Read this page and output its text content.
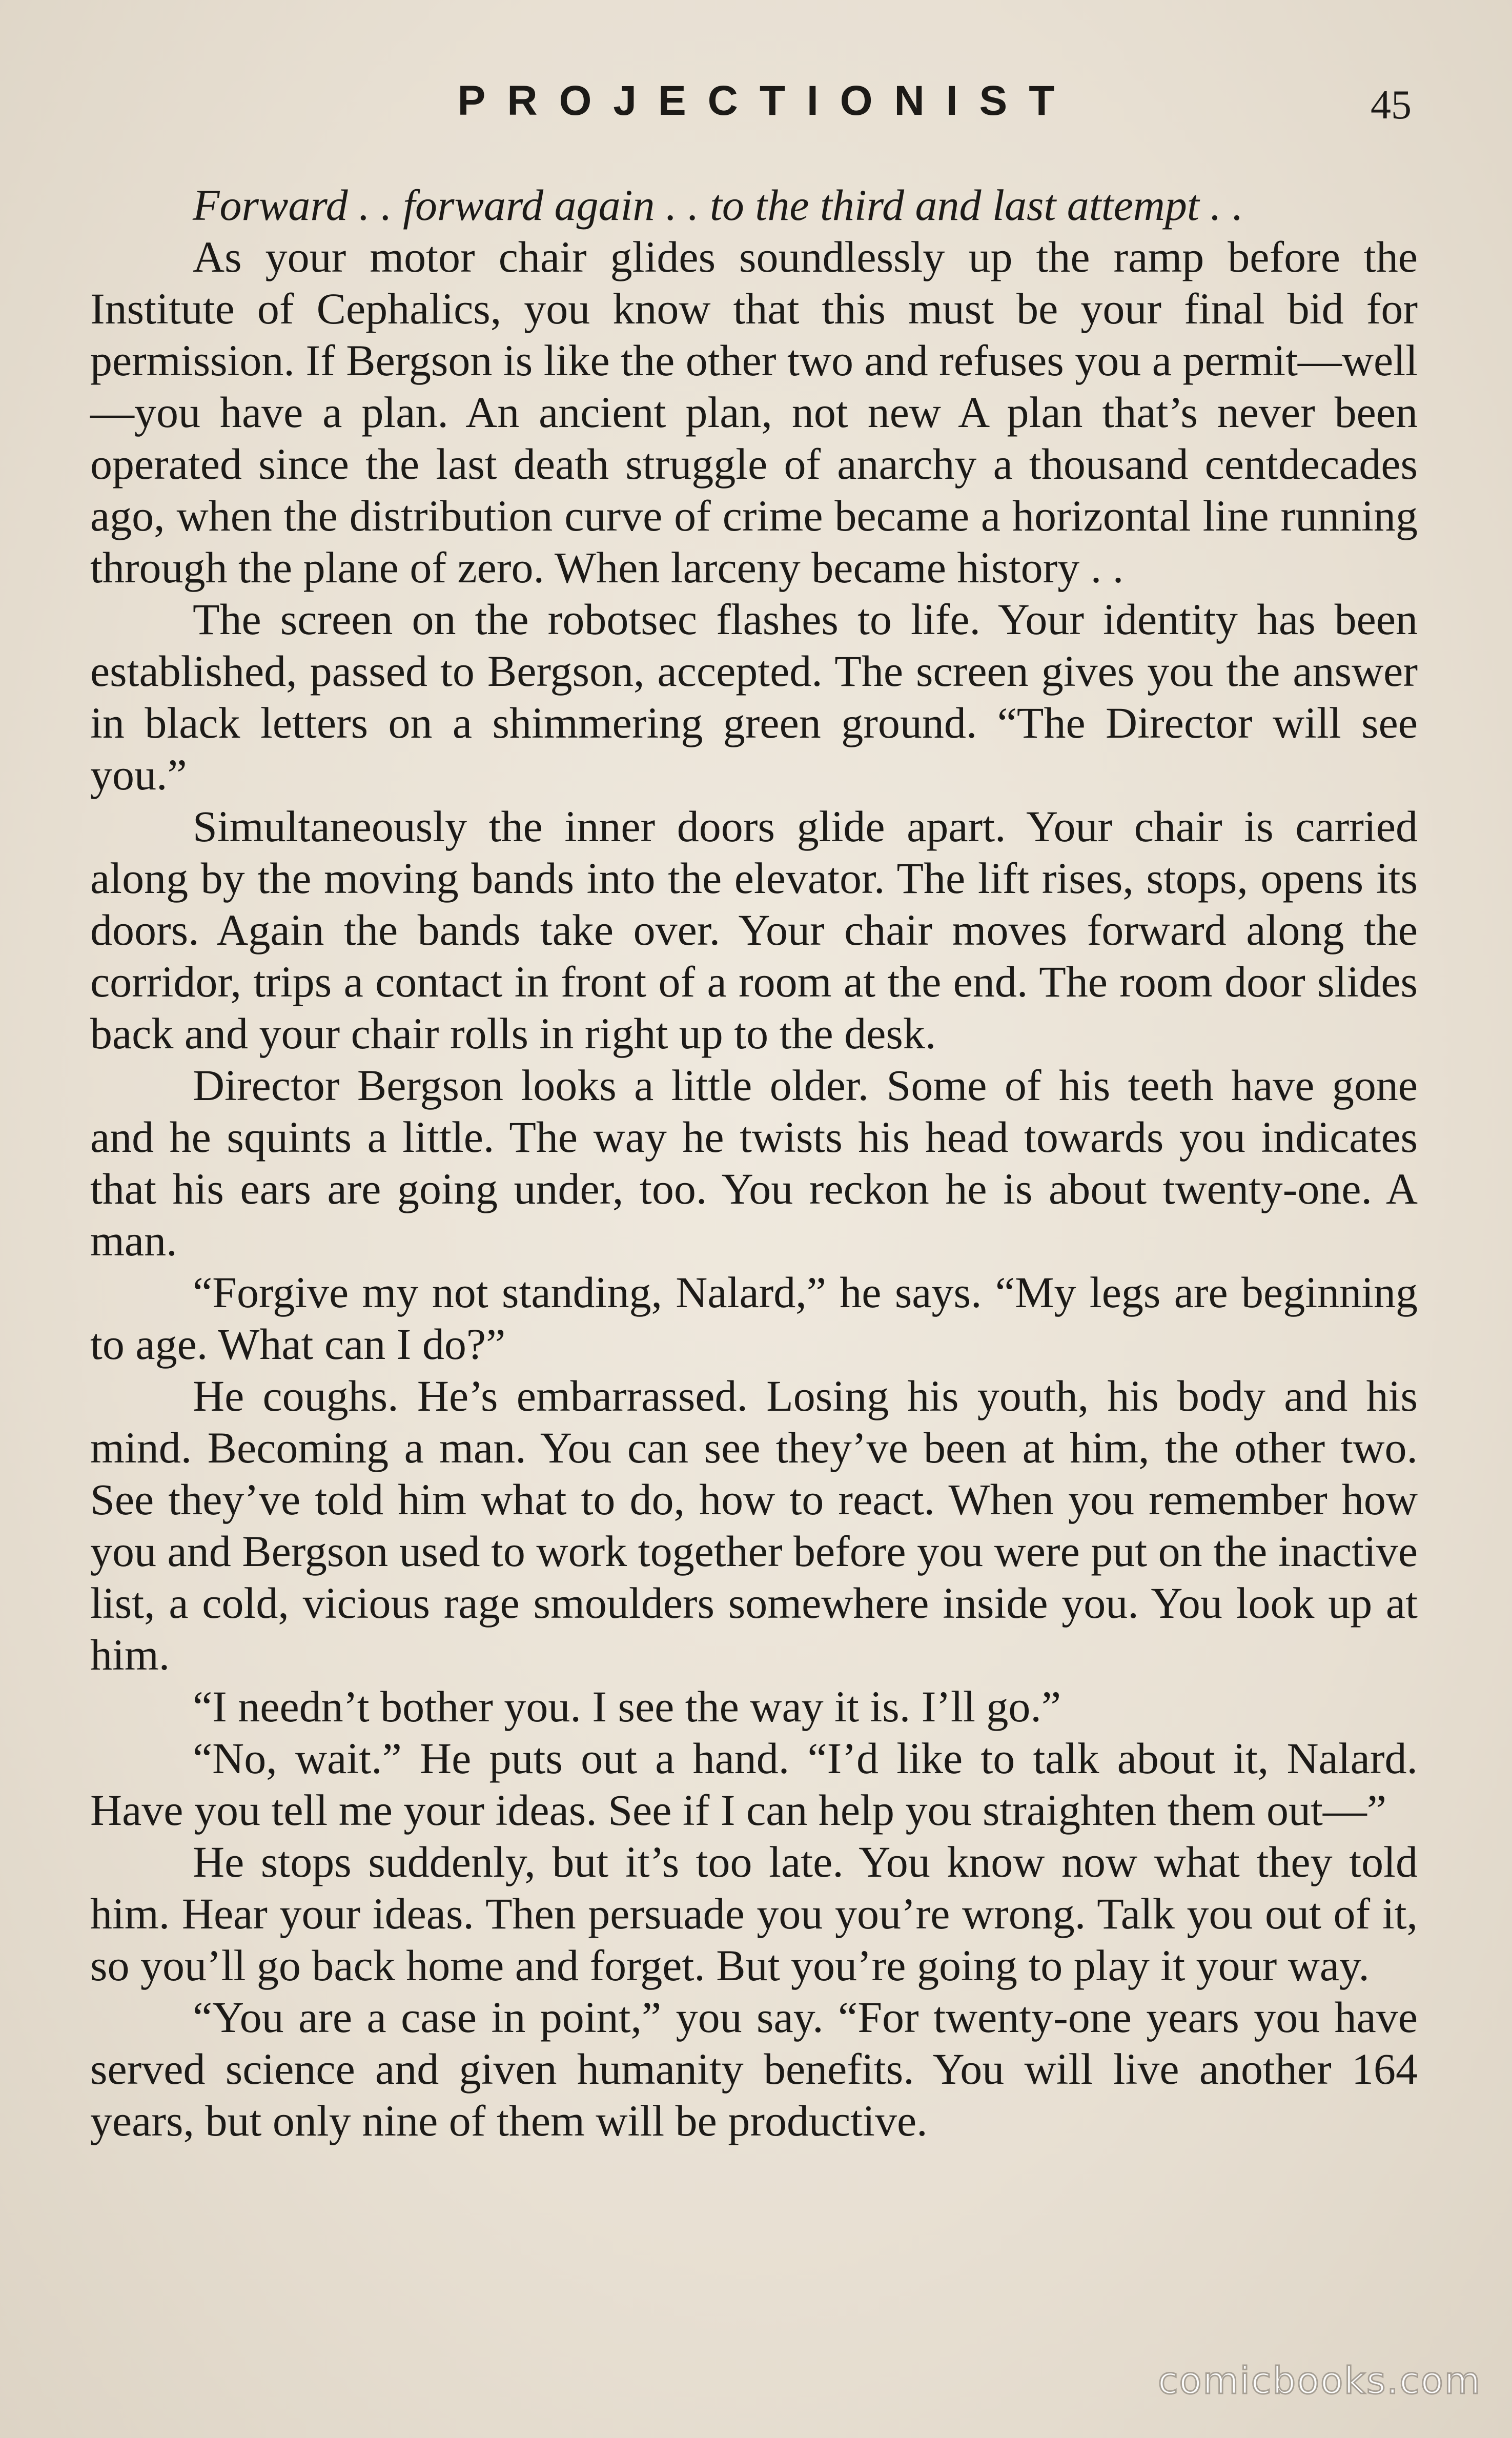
PROJECTIONIST	45

Forward . . forward again . . to the third and last attempt . .

As your motor chair glides soundlessly up the ramp before the Institute of Cephalics, you know that this must be your final bid for permission. If Bergson is like the other two and refuses you a permit—well—you have a plan. An ancient plan, not new A plan that’s never been operated since the last death struggle of anarchy a thousand centdecades ago, when the distribution curve of crime became a horizontal line running through the plane of zero. When larceny became history . .

The screen on the robotsec flashes to life. Your identity has been established, passed to Bergson, accepted. The screen gives you the answer in black letters on a shimmering green ground. “The Director will see you.”

Simultaneously the inner doors glide apart. Your chair is carried along by the moving bands into the elevator. The lift rises, stops, opens its doors. Again the bands take over. Your chair moves forward along the corridor, trips a contact in front of a room at the end. The room door slides back and your chair rolls in right up to the desk.

Director Bergson looks a little older. Some of his teeth have gone and he squints a little. The way he twists his head towards you indicates that his ears are going under, too. You reckon he is about twenty-one. A man.

“Forgive my not standing, Nalard,” he says. “My legs are beginning to age. What can I do?”

He coughs. He’s embarrassed. Losing his youth, his body and his mind. Becoming a man. You can see they’ve been at him, the other two. See they’ve told him what to do, how to react. When you remember how you and Bergson used to work together before you were put on the inactive list, a cold, vicious rage smoulders somewhere inside you. You look up at him.

“I needn’t bother you. I see the way it is. I’ll go.”

“No, wait.” He puts out a hand. “I’d like to talk about it, Nalard. Have you tell me your ideas. See if I can help you straighten them out—”

He stops suddenly, but it’s too late. You know now what they told him. Hear your ideas. Then persuade you you’re wrong. Talk you out of it, so you’ll go back home and forget. But you’re going to play it your way.

“You are a case in point,” you say. “For twenty-one years you have served science and given humanity benefits. You will live another 164 years, but only nine of them will be productive.

comicbooks.com
